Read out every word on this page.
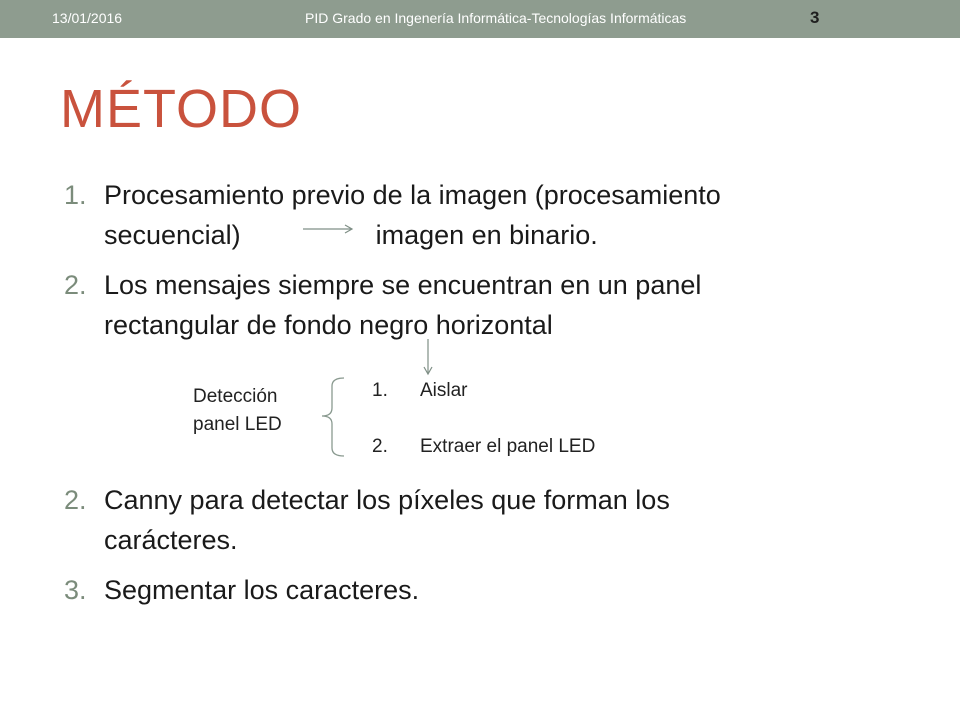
13/01/2016	PID Grado en Ingenería Informática-Tecnologías Informáticas	3
MÉTODO
1. Procesamiento previo de la imagen (procesamiento
secuencial)	imagen en binario.
2. Los mensajes siempre se encuentran en un panel
rectangular de fondo negro horizontal
Detección
panel LED
1. Aislar
2. Extraer el panel LED
2. Canny para detectar los píxeles que forman los
carácteres.
3. Segmentar los caracteres.
